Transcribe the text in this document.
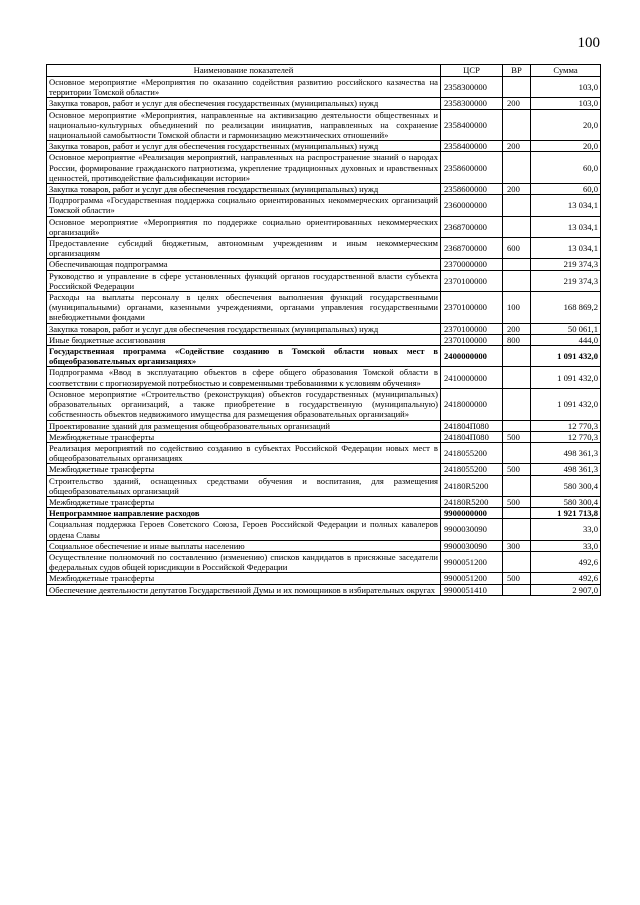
100
Наименование показателей	ЦСР	ВР	Сумма
Основное мероприятие «Мероприятия по оказанию содействия развитию российского казачества на территории Томской области»	2358300000		103,0
Закупка товаров, работ и услуг для обеспечения государственных (муниципальных) нужд	2358300000	200	103,0
Основное мероприятие «Мероприятия, направленные на активизацию деятельности общественных и национально-культурных объединений по реализации инициатив, направленных на сохранение национальной самобытности Томской области и гармонизацию межэтнических отношений»	2358400000		20,0
Закупка товаров, работ и услуг для обеспечения государственных (муниципальных) нужд	2358400000	200	20,0
Основное мероприятие «Реализация мероприятий, направленных на распространение знаний о народах России, формирование гражданского патриотизма, укрепление традиционных духовных и нравственных ценностей, противодействие фальсификации истории»	2358600000		60,0
Закупка товаров, работ и услуг для обеспечения государственных (муниципальных) нужд	2358600000	200	60,0
Подпрограмма «Государственная поддержка социально ориентированных некоммерческих организаций Томской области»	2360000000		13 034,1
Основное мероприятие «Мероприятия по поддержке социально ориентированных некоммерческих организаций»	2368700000		13 034,1
Предоставление субсидий бюджетным, автономным учреждениям и иным некоммерческим организациям	2368700000	600	13 034,1
Обеспечивающая подпрограмма	2370000000		219 374,3
Руководство и управление в сфере установленных функций органов государственной власти субъекта Российской Федерации	2370100000		219 374,3
Расходы на выплаты персоналу в целях обеспечения выполнения функций государственными (муниципальными) органами, казенными учреждениями, органами управления государственными внебюджетными фондами	2370100000	100	168 869,2
Закупка товаров, работ и услуг для обеспечения государственных (муниципальных) нужд	2370100000	200	50 061,1
Иные бюджетные ассигнования	2370100000	800	444,0
Государственная программа «Содействие созданию в Томской области новых мест в общеобразовательных организациях»	2400000000		1 091 432,0
Подпрограмма «Ввод в эксплуатацию объектов в сфере общего образования Томской области в соответствии с прогнозируемой потребностью и современными требованиями к условиям обучения»	2410000000		1 091 432,0
Основное мероприятие «Строительство (реконструкция) объектов государственных (муниципальных) образовательных организаций, а также приобретение в государственную (муниципальную) собственность объектов недвижимого имущества для размещения образовательных организаций»	2418000000		1 091 432,0
Проектирование зданий для размещения общеобразовательных организаций	241804П080		12 770,3
Межбюджетные трансферты	241804П080	500	12 770,3
Реализация мероприятий по содействию созданию в субъектах Российской Федерации новых мест в общеобразовательных организациях	2418055200		498 361,3
Межбюджетные трансферты	2418055200	500	498 361,3
Строительство зданий, оснащенных средствами обучения и воспитания, для размещения общеобразовательных организаций	24180R5200		580 300,4
Межбюджетные трансферты	24180R5200	500	580 300,4
Непрограммное направление расходов	9900000000		1 921 713,8
Социальная поддержка Героев Советского Союза, Героев Российской Федерации и полных кавалеров ордена Славы	9900030090		33,0
Социальное обеспечение и иные выплаты населению	9900030090	300	33,0
Осуществление полномочий по составлению (изменению) списков кандидатов в присяжные заседатели федеральных судов общей юрисдикции в Российской Федерации	9900051200		492,6
Межбюджетные трансферты	9900051200	500	492,6
Обеспечение деятельности депутатов Государственной Думы и их помощников в избирательных округах	9900051410		2 907,0
